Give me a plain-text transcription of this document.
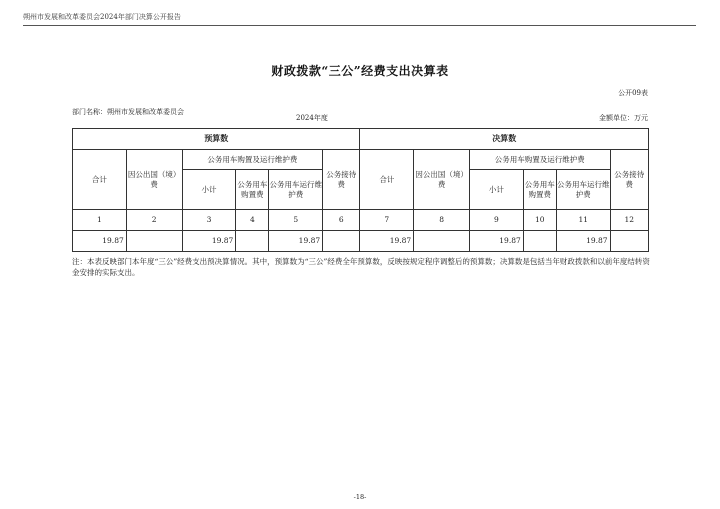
朔州市发展和改革委员会2024年部门决算公开报告
财政拨款“三公”经费支出决算表
公开09表
部门名称：朔州市发展和改革委员会
2024年度	金额单位：万元
预算数						决算数					
合计	因公出国（境）费	公务用车购置及运行维护费			公务接待费	合计	因公出国（境）费	公务用车购置及运行维护费			公务接待费
		小计	公务用车购置费	公务用车运行维护费				小计	公务用车购置费	公务用车运行维护费	
1	2	3	4	5	6	7	8	9	10	11	12
19.87		19.87		19.87		19.87		19.87		19.87	
注：本表反映部门本年度“三公”经费支出预决算情况。其中，预算数为“三公”经费全年预算数，反映按规定程序调整后的预算数；决算数是包括当年财政拨款和以前年度结转资金安排的实际支出。
-18-
